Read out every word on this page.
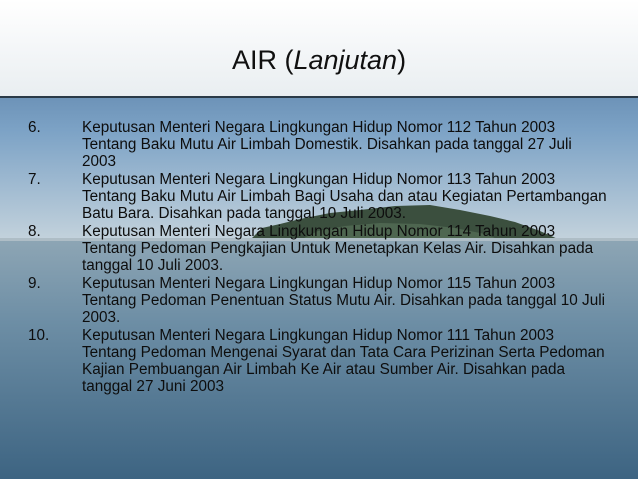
AIR (Lanjutan)
6.	Keputusan Menteri Negara Lingkungan Hidup Nomor 112 Tahun 2003 Tentang Baku Mutu Air Limbah Domestik. Disahkan pada tanggal 27 Juli 2003
7.	Keputusan Menteri Negara Lingkungan Hidup Nomor 113 Tahun 2003 Tentang Baku Mutu Air Limbah Bagi Usaha dan atau Kegiatan Pertambangan Batu Bara. Disahkan pada tanggal 10 Juli 2003.
8.	Keputusan Menteri Negara Lingkungan Hidup Nomor 114 Tahun 2003 Tentang Pedoman Pengkajian Untuk Menetapkan Kelas Air. Disahkan pada tanggal 10 Juli 2003.
9.	Keputusan Menteri Negara Lingkungan Hidup Nomor 115 Tahun 2003 Tentang Pedoman Penentuan Status Mutu Air. Disahkan pada tanggal 10 Juli 2003.
10.	Keputusan Menteri Negara Lingkungan Hidup Nomor 111 Tahun 2003 Tentang Pedoman Mengenai Syarat dan Tata Cara Perizinan Serta Pedoman Kajian Pembuangan Air Limbah Ke Air atau Sumber Air. Disahkan pada tanggal 27 Juni 2003
